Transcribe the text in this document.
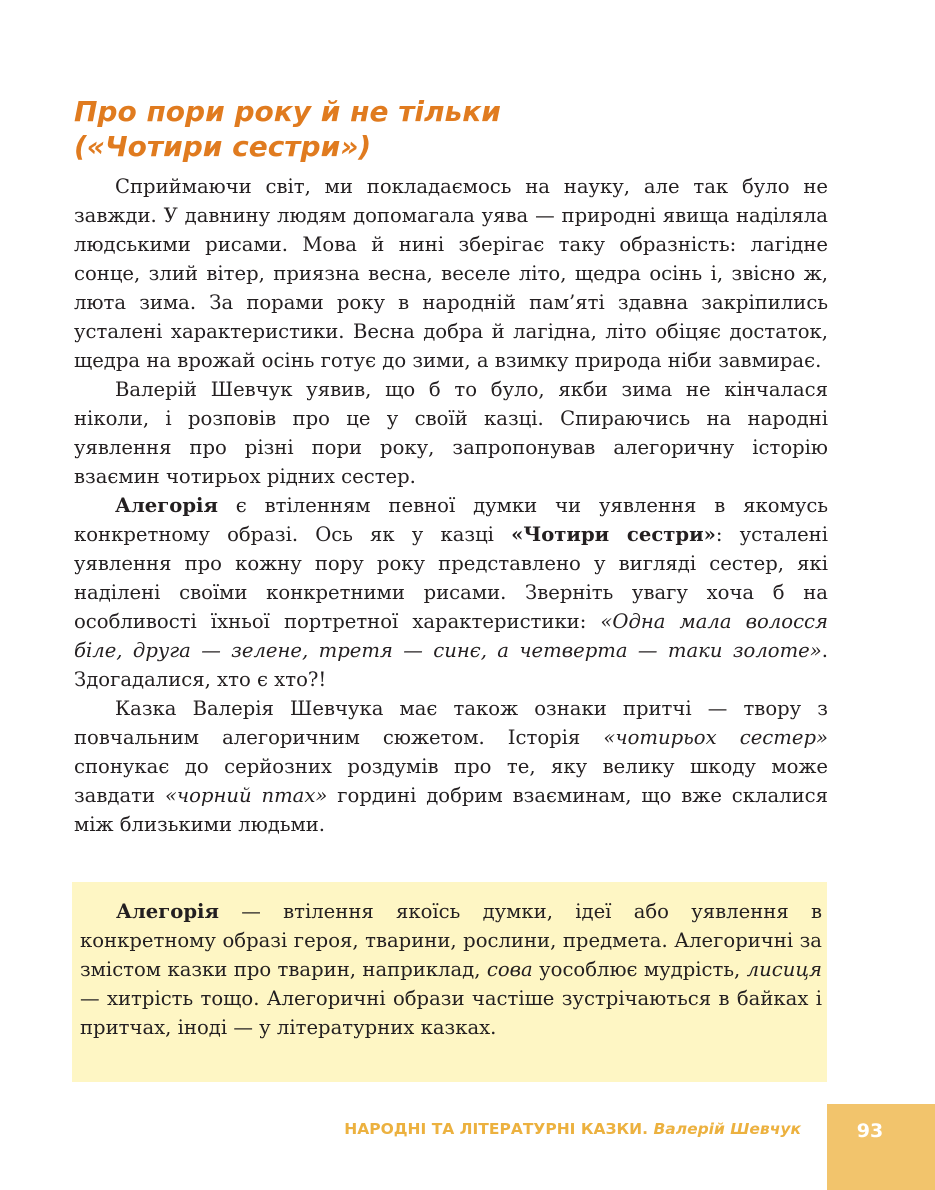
Про пори року й не тільки
(«Чотири сестри»)

Сприймаючи світ, ми покладаємось на науку, але так було не завжди. У давнину людям допомагала уява — природні явища наділяла людськими рисами. Мова й нині зберігає таку образність: лагідне сонце, злий вітер, приязна весна, веселе літо, щедра осінь і, звісно ж, люта зима. За порами року в народній пам’яті здавна закріпились усталені характеристики. Весна добра й лагідна, літо обіцяє достаток, щедра на врожай осінь готує до зими, а взимку природа ніби завмирає.

Валерій Шевчук уявив, що б то було, якби зима не кінчалася ніколи, і розповів про це у своїй казці. Спираючись на народні уявлення про різні пори року, запропонував алегоричну історію взаємин чотирьох рідних сестер.

Алегорія є втіленням певної думки чи уявлення в якомусь конкретному образі. Ось як у казці «Чотири сестри»: усталені уявлення про кожну пору року представлено у вигляді сестер, які наділені своїми конкретними рисами. Зверніть увагу хоча б на особливості їхньої портретної характеристики: «Одна мала волосся біле, друга — зелене, третя — синє, а четверта — таки золоте». Здогадалися, хто є хто?!

Казка Валерія Шевчука має також ознаки притчі — твору з повчальним алегоричним сюжетом. Історія «чотирьох сестер» спонукає до серйозних роздумів про те, яку велику шкоду може завдати «чорний птах» гордині добрим взаєминам, що вже склалися між близькими людьми.

Алегорія — втілення якоїсь думки, ідеї або уявлення в конкретному образі героя, тварини, рослини, предмета. Алегоричні за змістом казки про тварин, наприклад, сова уособлює мудрість, лисиця — хитрість тощо. Алегоричні образи частіше зустрічаються в байках і притчах, іноді — у літературних казках.

НАРОДНІ ТА ЛІТЕРАТУРНІ КАЗКИ. Валерій Шевчук	93
